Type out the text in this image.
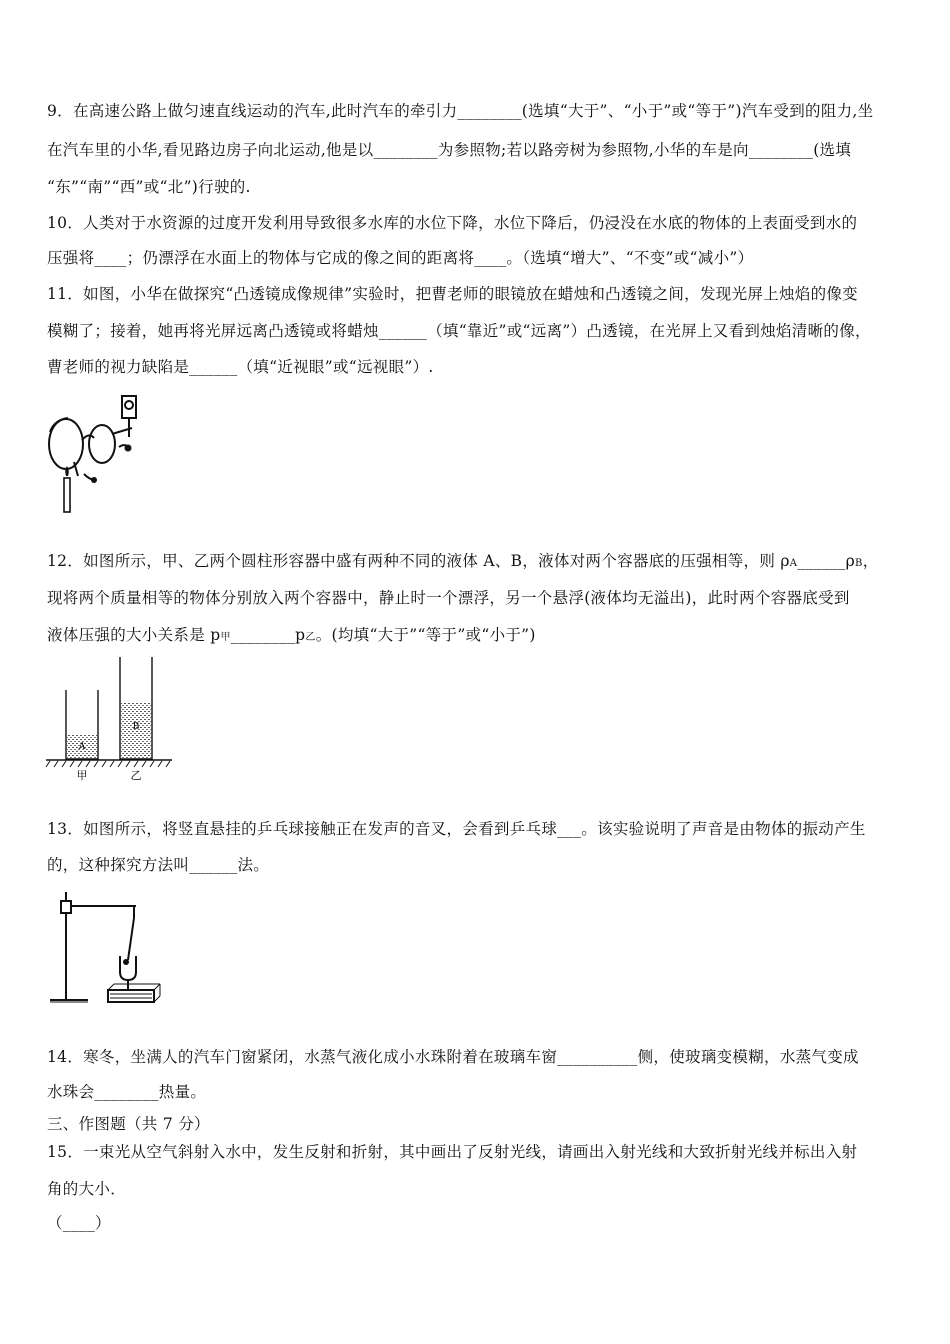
9．在高速公路上做匀速直线运动的汽车,此时汽车的牵引力________(选填“大于”、“小于”或“等于”)汽车受到的阻力,坐
在汽车里的小华,看见路边房子向北运动,他是以________为参照物;若以路旁树为参照物,小华的车是向________(选填
“东”“南”“西”或“北”)行驶的.
10．人类对于水资源的过度开发利用导致很多水库的水位下降，水位下降后，仍浸没在水底的物体的上表面受到水的
压强将____；仍漂浮在水面上的物体与它成的像之间的距离将____。（选填“增大”、“不变”或“减小”）
11．如图，小华在做探究“凸透镜成像规律”实验时，把曹老师的眼镜放在蜡烛和凸透镜之间，发现光屏上烛焰的像变
模糊了；接着，她再将光屏远离凸透镜或将蜡烛______（填“靠近”或“远离”）凸透镜，在光屏上又看到烛焰清晰的像，
曹老师的视力缺陷是______（填“近视眼”或“远视眼”）.
12．如图所示，甲、乙两个圆柱形容器中盛有两种不同的液体 A、B，液体对两个容器底的压强相等，则 ρA______ρB，
现将两个质量相等的物体分别放入两个容器中，静止时一个漂浮，另一个悬浮(液体均无溢出)，此时两个容器底受到
液体压强的大小关系是 p甲________p乙。(均填“大于”“等于”或“小于”)
A
B
甲	乙
13．如图所示，将竖直悬挂的乒乓球接触正在发声的音叉，会看到乒乓球___。该实验说明了声音是由物体的振动产生
的，这种探究方法叫______法。
14．寒冬，坐满人的汽车门窗紧闭，水蒸气液化成小水珠附着在玻璃车窗__________侧，使玻璃变模糊，水蒸气变成
水珠会________热量。
三、作图题（共 7 分）
15．一束光从空气斜射入水中，发生反射和折射，其中画出了反射光线，请画出入射光线和大致折射光线并标出入射
角的大小．
（____）
